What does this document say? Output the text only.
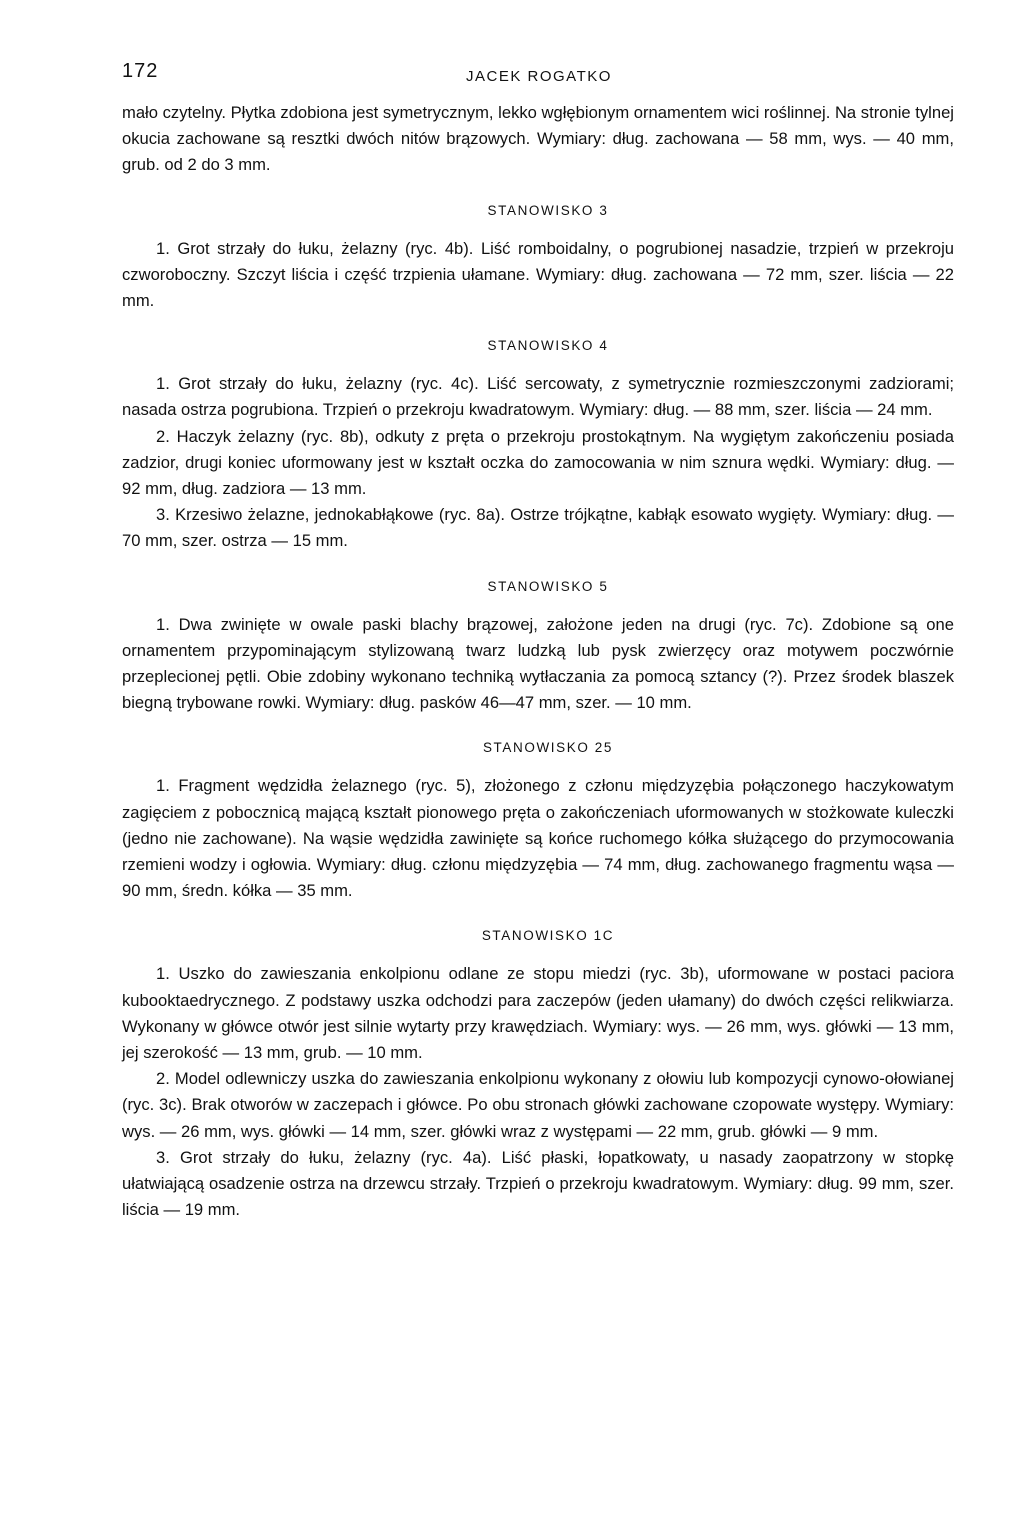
172	JACEK ROGATKO

mało czytelny. Płytka zdobiona jest symetrycznym, lekko wgłębionym ornamentem wici roślinnej. Na stronie tylnej okucia zachowane są resztki dwóch nitów brązowych. Wymiary: dług. zachowana — 58 mm, wys. — 40 mm, grub. od 2 do 3 mm.

STANOWISKO 3

1. Grot strzały do łuku, żelazny (ryc. 4b). Liść romboidalny, o pogrubionej nasadzie, trzpień w przekroju czworoboczny. Szczyt liścia i część trzpienia ułamane. Wymiary: dług. zachowana — 72 mm, szer. liścia — 22 mm.

STANOWISKO 4

1. Grot strzały do łuku, żelazny (ryc. 4c). Liść sercowaty, z symetrycznie rozmieszczonymi zadziorami; nasada ostrza pogrubiona. Trzpień o przekroju kwadratowym. Wymiary: dług. — 88 mm, szer. liścia — 24 mm.

2. Haczyk żelazny (ryc. 8b), odkuty z pręta o przekroju prostokątnym. Na wygiętym zakończeniu posiada zadzior, drugi koniec uformowany jest w kształt oczka do zamocowania w nim sznura wędki. Wymiary: dług. — 92 mm, dług. zadziora — 13 mm.

3. Krzesiwo żelazne, jednokabłąkowe (ryc. 8a). Ostrze trójkątne, kabłąk esowato wygięty. Wymiary: dług. — 70 mm, szer. ostrza — 15 mm.

STANOWISKO 5

1. Dwa zwinięte w owale paski blachy brązowej, założone jeden na drugi (ryc. 7c). Zdobione są one ornamentem przypominającym stylizowaną twarz ludzką lub pysk zwierzęcy oraz motywem poczwórnie przeplecionej pętli. Obie zdobiny wykonano techniką wytłaczania za pomocą sztancy (?). Przez środek blaszek biegną trybowane rowki. Wymiary: dług. pasków 46—47 mm, szer. — 10 mm.

STANOWISKO 25

1. Fragment wędzidła żelaznego (ryc. 5), złożonego z członu międzyzębia połączonego haczykowatym zagięciem z pobocznicą mającą kształt pionowego pręta o zakończeniach uformowanych w stożkowate kuleczki (jedno nie zachowane). Na wąsie wędzidła zawinięte są końce ruchomego kółka służącego do przymocowania rzemieni wodzy i ogłowia. Wymiary: dług. członu międzyzębia — 74 mm, dług. zachowanego fragmentu wąsa — 90 mm, średn. kółka — 35 mm.

STANOWISKO 1C

1. Uszko do zawieszania enkolpionu odlane ze stopu miedzi (ryc. 3b), uformowane w postaci paciora kubooktaedrycznego. Z podstawy uszka odchodzi para zaczepów (jeden ułamany) do dwóch części relikwiarza. Wykonany w główce otwór jest silnie wytarty przy krawędziach. Wymiary: wys. — 26 mm, wys. główki — 13 mm, jej szerokość — 13 mm, grub. — 10 mm.

2. Model odlewniczy uszka do zawieszania enkolpionu wykonany z ołowiu lub kompozycji cynowo-ołowianej (ryc. 3c). Brak otworów w zaczepach i główce. Po obu stronach główki zachowane czopowate występy. Wymiary: wys. — 26 mm, wys. główki — 14 mm, szer. główki wraz z występami — 22 mm, grub. główki — 9 mm.

3. Grot strzały do łuku, żelazny (ryc. 4a). Liść płaski, łopatkowaty, u nasady zaopatrzony w stopkę ułatwiającą osadzenie ostrza na drzewcu strzały. Trzpień o przekroju kwadratowym. Wymiary: dług. 99 mm, szer. liścia — 19 mm.
